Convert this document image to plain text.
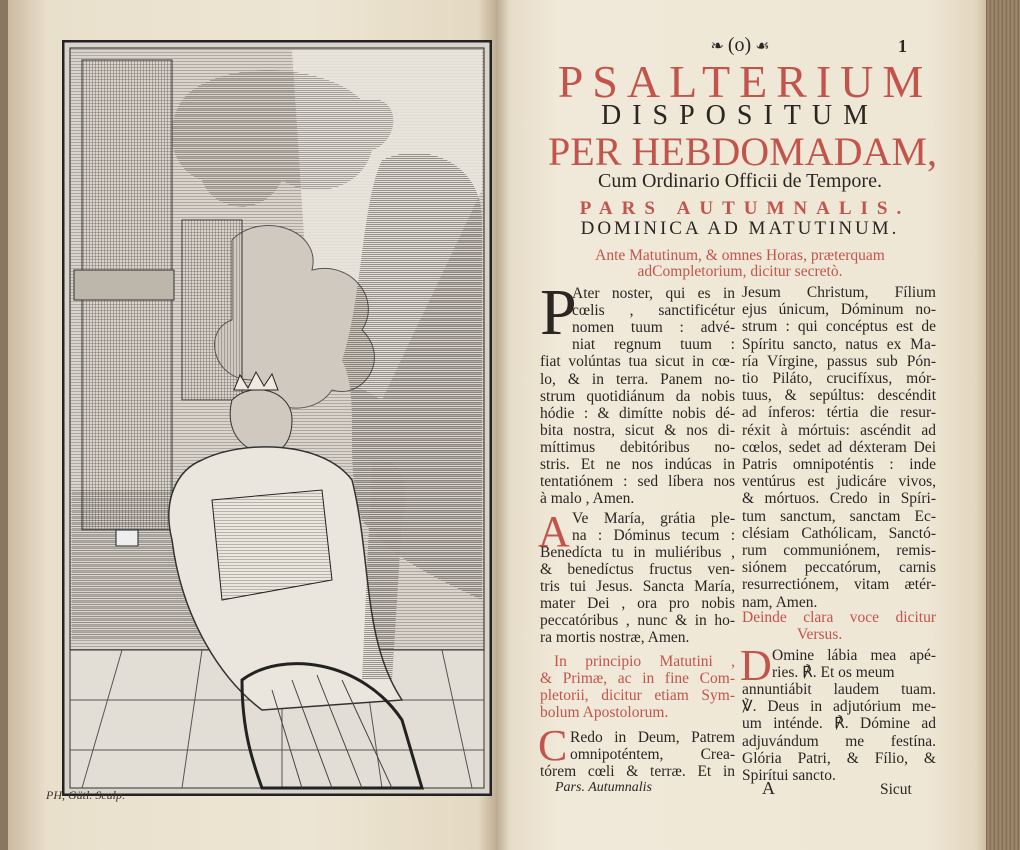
PH, Gütl. Sculp:
❧ (o) ☙	1
PSALTERIUM
DISPOSITUM
PER HEBDOMADAM,
Cum Ordinario Officii de Tempore.
PARS AUTUMNALIS.
DOMINICA AD MATUTINUM.
Ante Matutinum, & omnes Horas, præterquam
adCompletorium, dicitur secretò.
P
Ater noster, qui es in
cœlis , sanctificétur
nomen tuum : advé-
niat regnum tuum :
fiat volúntas tua sicut in cœ-
lo, & in terra. Panem no-
strum quotidiánum da nobis
hódie : & dimítte nobis dé-
bita nostra, sicut & nos di-
míttimus debitóribus no-
stris. Et ne nos indúcas in
tentatiónem : sed líbera nos
à malo , Amen.
A Ve María, grátia ple-
na : Dóminus tecum :
Benedícta tu in muliéribus ,
& benedíctus fructus ven-
tris tui Jesus. Sancta María,
mater Dei , ora pro nobis
peccatóribus , nunc & in ho-
ra mortis nostræ, Amen.
In principio Matutini ,
& Primæ, ac in fine Com-
pletorii, dicitur etiam Sym-
bolum Apostolorum.
C Redo in Deum, Patrem
omnipoténtem, Crea-
tórem cœli & terræ. Et in
Pars. Autumnalis
Jesum Christum, Fílium
ejus únicum, Dóminum no-
strum : qui concéptus est de
Spíritu sancto, natus ex Ma-
ría Vírgine, passus sub Pón-
tio Piláto, crucifíxus, mór-
tuus, & sepúltus: descéndit
ad ínferos: tértia die resur-
réxit à mórtuis: ascéndit ad
cœlos, sedet ad déxteram Dei
Patris omnipoténtis : inde
ventúrus est judicáre vivos,
& mórtuos. Credo in Spíri-
tum sanctum, sanctam Ec-
clésiam Cathólicam, Sanctó-
rum communiónem, remis-
siónem peccatórum, carnis
resurrectiónem, vitam ætér-
nam, Amen.
Deinde clara voce dicitur
Versus.
D Omine lábia mea apé-
ries. ℟. Et os meum
annuntiábit laudem tuam.
℣. Deus in adjutórium me-
um inténde. ℟. Dómine ad
adjuvándum me festína.
Glória Patri, & Fílio, &
Spirítui sancto.
A	Sicut
